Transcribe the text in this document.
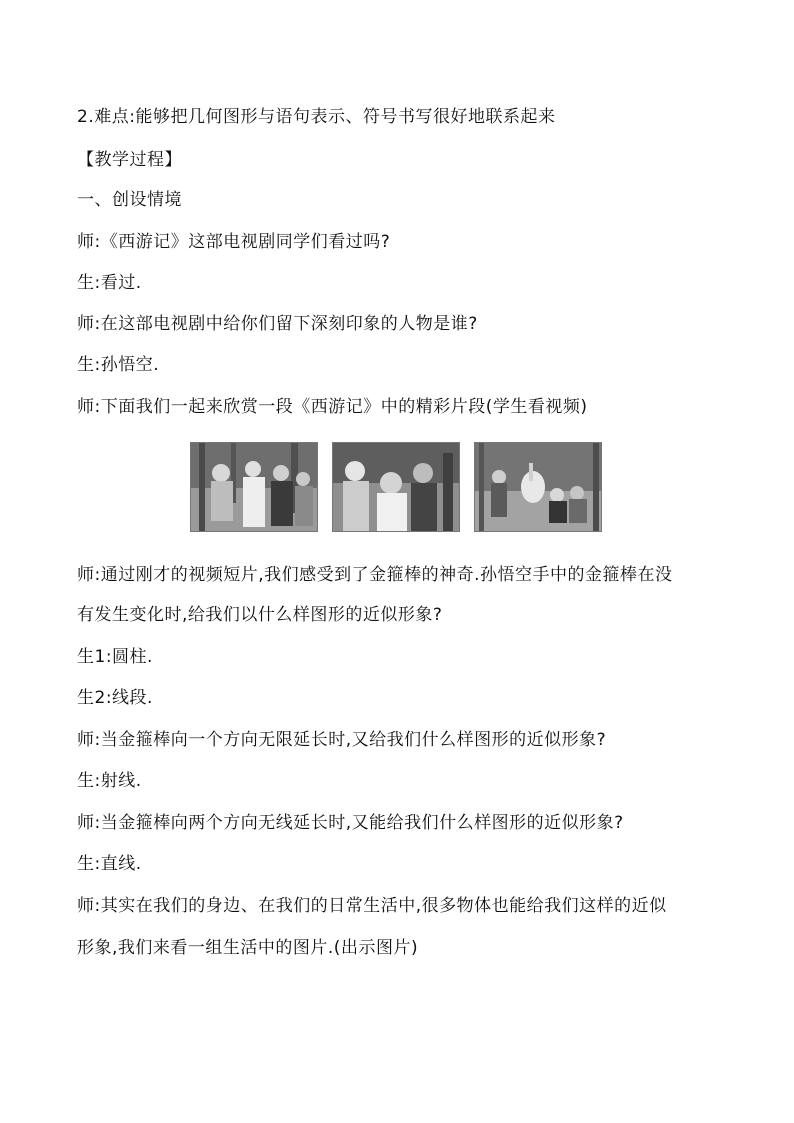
2.难点:能够把几何图形与语句表示、符号书写很好地联系起来
【教学过程】
一、创设情境
师:《西游记》这部电视剧同学们看过吗?
生:看过.
师:在这部电视剧中给你们留下深刻印象的人物是谁?
生:孙悟空.
师:下面我们一起来欣赏一段《西游记》中的精彩片段(学生看视频)
师:通过刚才的视频短片,我们感受到了金箍棒的神奇.孙悟空手中的金箍棒在没
有发生变化时,给我们以什么样图形的近似形象?
生1:圆柱.
生2:线段.
师:当金箍棒向一个方向无限延长时,又给我们什么样图形的近似形象?
生:射线.
师:当金箍棒向两个方向无线延长时,又能给我们什么样图形的近似形象?
生:直线.
师:其实在我们的身边、在我们的日常生活中,很多物体也能给我们这样的近似
形象,我们来看一组生活中的图片.(出示图片)
